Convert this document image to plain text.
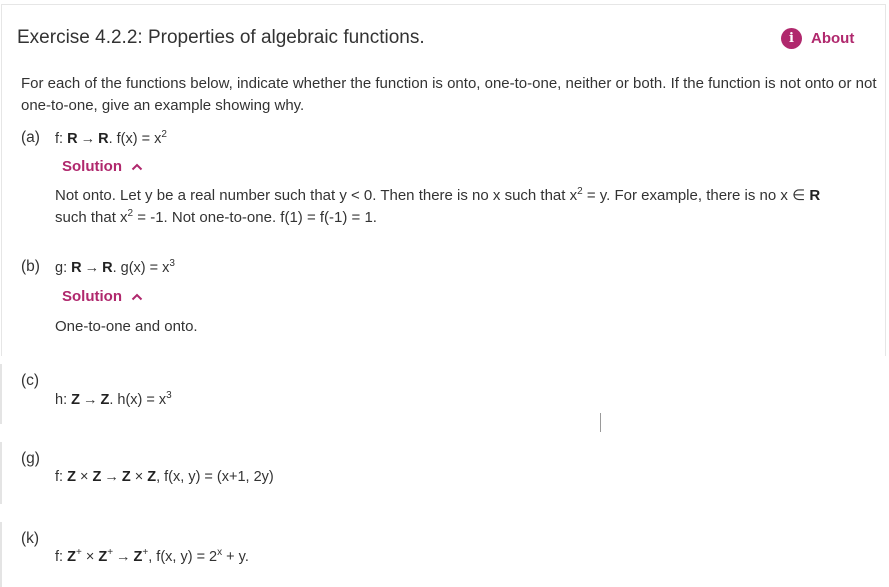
Exercise 4.2.2: Properties of algebraic functions.	i	About
For each of the functions below, indicate whether the function is onto, one-to-one, neither or both. If the function is not onto or not one-to-one, give an example showing why.
(a) f: R → R. $f(x) = x^2$
Solution
Not onto. Let y be a real number such that y < 0. Then there is no x such that $x^2 = y$. For example, there is no x ∈ R
such that $x^2 = -1$. Not one-to-one. f(1) = f(-1) = 1.
(b) g: R → R. $g(x) = x^3$
Solution
One-to-one and onto.
(c)
h: Z → Z. $h(x) = x^3$
(g)
f: Z × Z → Z × Z, f(x, y) = (x+1, 2y)
(k)
f: Z+ × Z+ → Z+, f(x, $y) = 2^x + y$.
